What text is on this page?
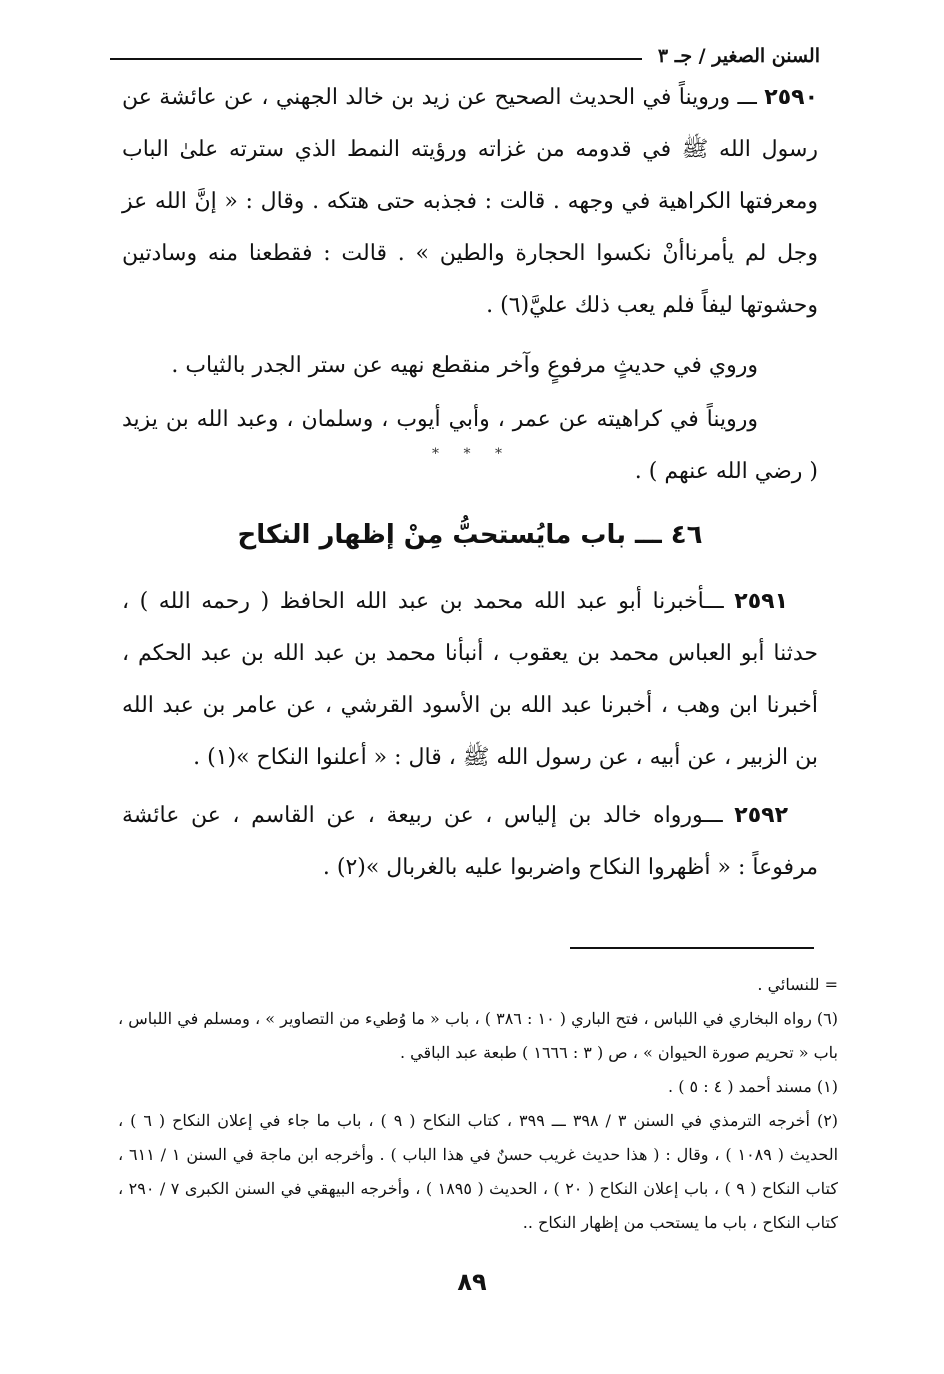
السنن الصغير / جـ ٣

٢٥٩٠ ـــ ورويناً في الحديث الصحيح عن زيد بن خالد الجهني ، عن عائشة عن رسول الله ﷺ في قدومه من غزاته ورؤيته النمط الذي سترته علىٰ الباب ومعرفتها الكراهية في وجهه . قالت : فجذبه حتى هتكه . وقال : « إنَّ الله عز وجل لم يأمرناأنْ نكسوا الحجارة والطين » . قالت : فقطعنا منه وسادتين وحشوتها ليفاً فلم يعب ذلك عليَّ(٦) .

وروي في حديثٍ مرفوعٍ وآخر منقطع نهيه عن ستر الجدر بالثياب .

ورويناً في كراهيته عن عمر ، وأبي أيوب ، وسلمان ، وعبد الله بن يزيد ( رضي الله عنهم ) .

* * *
٤٦ ـــ باب مايُستحبُّ مِنْ إظهار النكاح

٢٥٩١ ـــأخبرنا أبو عبد الله محمد بن عبد الله الحافظ ( رحمه الله ) ، حدثنا أبو العباس محمد بن يعقوب ، أنبأنا محمد بن عبد الله بن عبد الحكم ، أخبرنا ابن وهب ، أخبرنا عبد الله بن الأسود القرشي ، عن عامر بن عبد الله بن الزبير ، عن أبيه ، عن رسول الله ﷺ ، قال : « أعلنوا النكاح »(١) .

٢٥٩٢ ـــورواه خالد بن إلياس ، عن ربيعة ، عن القاسم ، عن عائشة مرفوعاً : « أظهروا النكاح واضربوا عليه بالغربال »(٢) .

= للنسائي .

(٦) رواه البخاري في اللباس ، فتح الباري ( ١٠ : ٣٨٦ ) ، باب « ما وُطيء من التصاوير » ، ومسلم في اللباس ، باب « تحريم صورة الحيوان » ، ص ( ٣ : ١٦٦٦ ) طبعة عبد الباقي .

(١) مسند أحمد ( ٤ : ٥ ) .

(٢) أخرجه الترمذي في السنن ٣ / ٣٩٨ ـــ ٣٩٩ ، كتاب النكاح ( ٩ ) ، باب ما جاء في إعلان النكاح ( ٦ ) ، الحديث ( ١٠٨٩ ) ، وقال : ( هذا حديث غريب حسنٌ في هذا الباب ) . وأخرجه ابن ماجة في السنن ١ / ٦١١ ، كتاب النكاح ( ٩ ) ، باب إعلان النكاح ( ٢٠ ) ، الحديث ( ١٨٩٥ ) ، وأخرجه البيهقي في السنن الكبرى ٧ / ٢٩٠ ، كتاب النكاح ، باب ما يستحب من إظهار النكاح ..

٨٩
